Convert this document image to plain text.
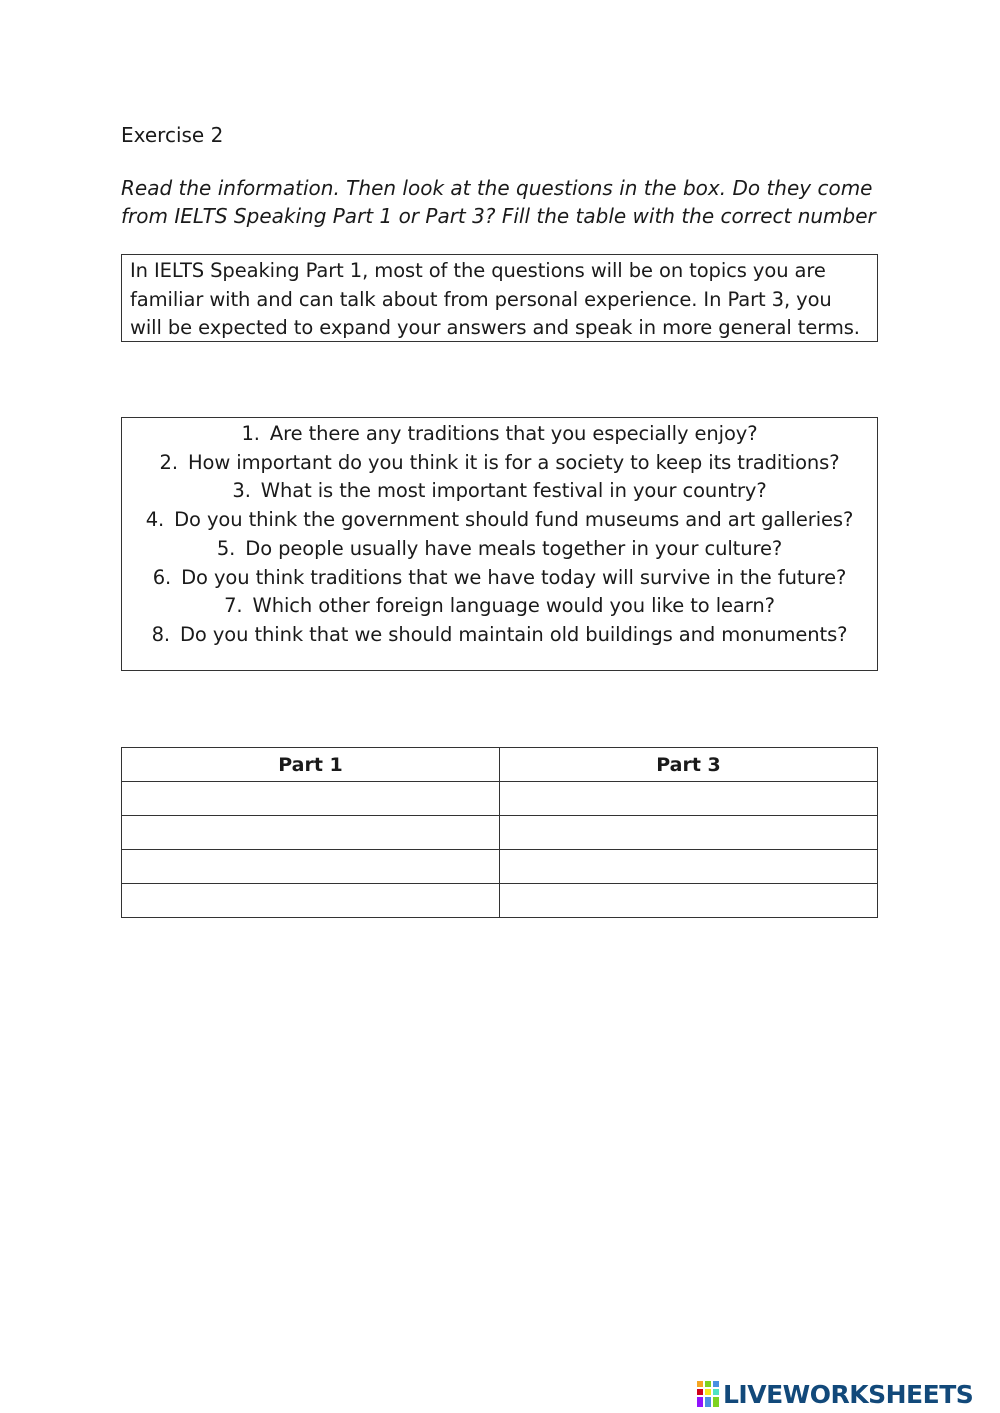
Exercise 2
Read the information. Then look at the questions in the box. Do they come from IELTS Speaking Part 1 or Part 3? Fill the table with the correct number
In IELTS Speaking Part 1, most of the questions will be on topics you are familiar with and can talk about from personal experience. In Part 3, you will be expected to expand your answers and speak in more general terms.
1. Are there any traditions that you especially enjoy?
2. How important do you think it is for a society to keep its traditions?
3. What is the most important festival in your country?
4. Do you think the government should fund museums and art galleries?
5. Do people usually have meals together in your culture?
6. Do you think traditions that we have today will survive in the future?
7. Which other foreign language would you like to learn?
8. Do you think that we should maintain old buildings and monuments?
Part 1	Part 3

LIVEWORKSHEETS
